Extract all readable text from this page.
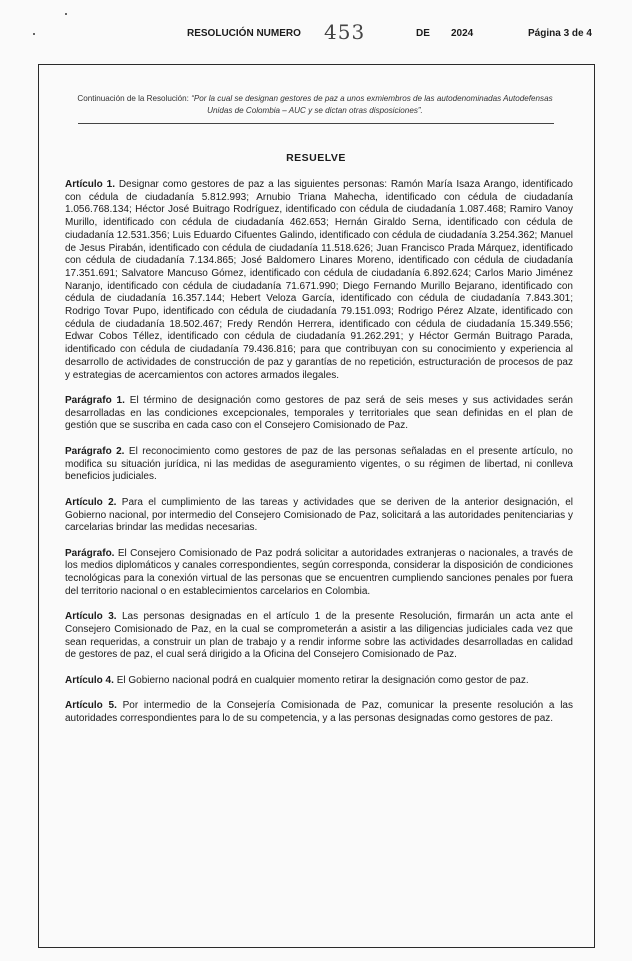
RESOLUCIÓN NUMERO 453	DE 2024	Página 3 de 4
Continuación de la Resolución: “Por la cual se designan gestores de paz a unos exmiembros de las autodenominadas Autodefensas Unidas de Colombia – AUC y se dictan otras disposiciones”.
RESUELVE

Artículo 1. Designar como gestores de paz a las siguientes personas: Ramón María Isaza Arango, identificado con cédula de ciudadanía 5.812.993; Arnubio Triana Mahecha, identificado con cédula de ciudadanía 1.056.768.134; Héctor José Buitrago Rodríguez, identificado con cédula de ciudadanía 1.087.468; Ramiro Vanoy Murillo, identificado con cédula de ciudadanía 462.653; Hernán Giraldo Serna, identificado con cédula de ciudadanía 12.531.356; Luis Eduardo Cifuentes Galindo, identificado con cédula de ciudadanía 3.254.362; Manuel de Jesus Pirabán, identificado con cédula de ciudadanía 11.518.626; Juan Francisco Prada Márquez, identificado con cédula de ciudadanía 7.134.865; José Baldomero Linares Moreno, identificado con cédula de ciudadanía 17.351.691; Salvatore Mancuso Gómez, identificado con cédula de ciudadanía 6.892.624; Carlos Mario Jiménez Naranjo, identificado con cédula de ciudadanía 71.671.990; Diego Fernando Murillo Bejarano, identificado con cédula de ciudadanía 16.357.144; Hebert Veloza García, identificado con cédula de ciudadanía 7.843.301; Rodrigo Tovar Pupo, identificado con cédula de ciudadanía 79.151.093; Rodrigo Pérez Alzate, identificado con cédula de ciudadanía 18.502.467; Fredy Rendón Herrera, identificado con cédula de ciudadanía 15.349.556; Edwar Cobos Téllez, identificado con cédula de ciudadanía 91.262.291; y Héctor Germán Buitrago Parada, identificado con cédula de ciudadanía 79.436.816; para que contribuyan con su conocimiento y experiencia al desarrollo de actividades de construcción de paz y garantías de no repetición, estructuración de procesos de paz y estrategias de acercamientos con actores armados ilegales.

Parágrafo 1. El término de designación como gestores de paz será de seis meses y sus actividades serán desarrolladas en las condiciones excepcionales, temporales y territoriales que sean definidas en el plan de gestión que se suscriba en cada caso con el Consejero Comisionado de Paz.

Parágrafo 2. El reconocimiento como gestores de paz de las personas señaladas en el presente artículo, no modifica su situación jurídica, ni las medidas de aseguramiento vigentes, o su régimen de libertad, ni conlleva beneficios judiciales.

Artículo 2. Para el cumplimiento de las tareas y actividades que se deriven de la anterior designación, el Gobierno nacional, por intermedio del Consejero Comisionado de Paz, solicitará a las autoridades penitenciarias y carcelarias brindar las medidas necesarias.

Parágrafo. El Consejero Comisionado de Paz podrá solicitar a autoridades extranjeras o nacionales, a través de los medios diplomáticos y canales correspondientes, según corresponda, considerar la disposición de condiciones tecnológicas para la conexión virtual de las personas que se encuentren cumpliendo sanciones penales por fuera del territorio nacional o en establecimientos carcelarios en Colombia.

Artículo 3. Las personas designadas en el artículo 1 de la presente Resolución, firmarán un acta ante el Consejero Comisionado de Paz, en la cual se comprometerán a asistir a las diligencias judiciales cada vez que sean requeridas, a construir un plan de trabajo y a rendir informe sobre las actividades desarrolladas en calidad de gestores de paz, el cual será dirigido a la Oficina del Consejero Comisionado de Paz.

Artículo 4. El Gobierno nacional podrá en cualquier momento retirar la designación como gestor de paz.

Artículo 5. Por intermedio de la Consejería Comisionada de Paz, comunicar la presente resolución a las autoridades correspondientes para lo de su competencia, y a las personas designadas como gestores de paz.
